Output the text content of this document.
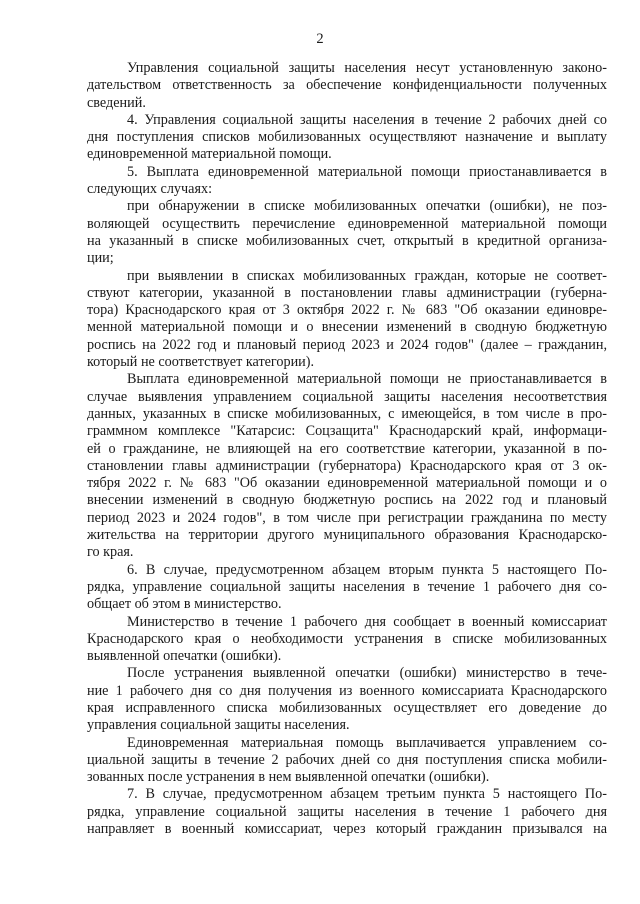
2
Управления социальной защиты населения несут установленную законо-
дательством ответственность за обеспечение конфиденциальности полученных
сведений.
4. Управления социальной защиты населения в течение 2 рабочих дней со
дня поступления списков мобилизованных осуществляют назначение и выплату
единовременной материальной помощи.
5. Выплата единовременной материальной помощи приостанавливается в
следующих случаях:
при обнаружении в списке мобилизованных опечатки (ошибки), не поз-
воляющей осуществить перечисление единовременной материальной помощи
на указанный в списке мобилизованных счет, открытый в кредитной организа-
ции;
при выявлении в списках мобилизованных граждан, которые не соответ-
ствуют категории, указанной в постановлении главы администрации (губерна-
тора) Краснодарского края от 3 октября 2022 г. № 683 "Об оказании единовре-
менной материальной помощи и о внесении изменений в сводную бюджетную
роспись на 2022 год и плановый период 2023 и 2024 годов" (далее – гражданин,
который не соответствует категории).
Выплата единовременной материальной помощи не приостанавливается в
случае выявления управлением социальной защиты населения несоответствия
данных, указанных в списке мобилизованных, с имеющейся, в том числе в про-
граммном комплексе "Катарсис: Соцзащита" Краснодарский край, информаци-
ей о гражданине, не влияющей на его соответствие категории, указанной в по-
становлении главы администрации (губернатора) Краснодарского края от 3 ок-
тября 2022 г. № 683 "Об оказании единовременной материальной помощи и о
внесении изменений в сводную бюджетную роспись на 2022 год и плановый
период 2023 и 2024 годов", в том числе при регистрации гражданина по месту
жительства на территории другого муниципального образования Краснодарско-
го края.
6. В случае, предусмотренном абзацем вторым пункта 5 настоящего По-
рядка, управление социальной защиты населения в течение 1 рабочего дня со-
общает об этом в министерство.
Министерство в течение 1 рабочего дня сообщает в военный комиссариат
Краснодарского края о необходимости устранения в списке мобилизованных
выявленной опечатки (ошибки).
После устранения выявленной опечатки (ошибки) министерство в тече-
ние 1 рабочего дня со дня получения из военного комиссариата Краснодарского
края исправленного списка мобилизованных осуществляет его доведение до
управления социальной защиты населения.
Единовременная материальная помощь выплачивается управлением со-
циальной защиты в течение 2 рабочих дней со дня поступления списка мобили-
зованных после устранения в нем выявленной опечатки (ошибки).
7. В случае, предусмотренном абзацем третьим пункта 5 настоящего По-
рядка, управление социальной защиты населения в течение 1 рабочего дня
направляет в военный комиссариат, через который гражданин призывался на
